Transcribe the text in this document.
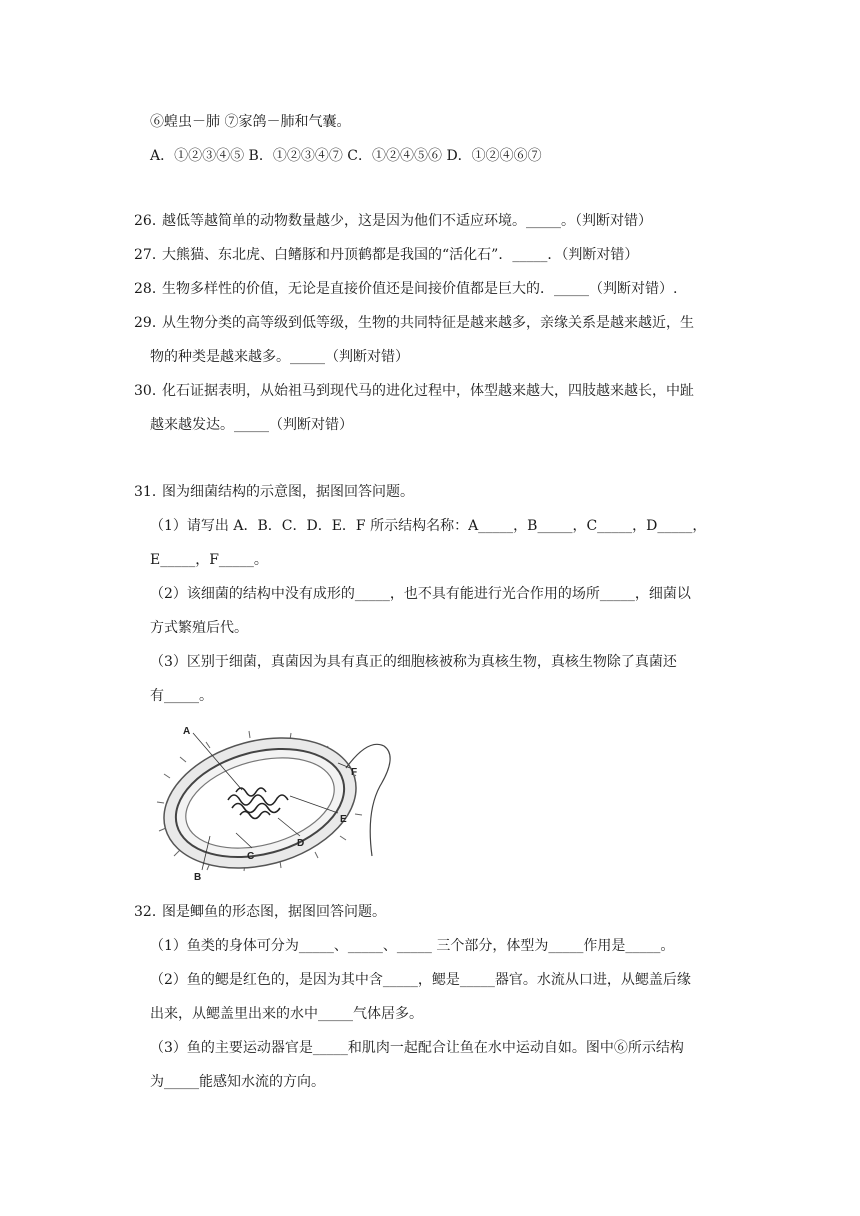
⑥蝗虫－肺 ⑦家鸽－肺和气囊。
A．①②③④⑤ B．①②③④⑦ C．①②④⑤⑥ D．①②④⑥⑦
26．
越低等越简单的动物数量越少，这是因为他们不适应环境。_____。（判断对错）
27．
大熊猫、东北虎、白鳍豚和丹顶鹤都是我国的“活化石”．_____．（判断对错）
28．
生物多样性的价值，无论是直接价值还是间接价值都是巨大的．_____（判断对错）.
29．
从生物分类的高等级到低等级，生物的共同特征是越来越多，亲缘关系是越来越近，生
物的种类是越来越多。_____（判断对错）
30．
化石证据表明，从始祖马到现代马的进化过程中，体型越来越大，四肢越来越长，中趾
越来越发达。_____（判断对错）
31．
图为细菌结构的示意图，据图回答问题。
（1）请写出 A．B．C．D．E．F 所示结构名称：A_____，B_____，C_____，D_____，
E_____，F_____。
（2）该细菌的结构中没有成形的_____，也不具有能进行光合作用的场所_____，细菌以
方式繁殖后代。
（3）区别于细菌，真菌因为具有真正的细胞核被称为真核生物，真核生物除了真菌还
有_____。
A
B
C
D
E
F
32．
图是鲫鱼的形态图，据图回答问题。
（1）鱼类的身体可分为_____、_____、_____ 三个部分，体型为_____作用是_____。
（2）鱼的鳃是红色的，是因为其中含_____，鳃是_____器官。水流从口进，从鳃盖后缘
出来，从鳃盖里出来的水中_____气体居多。
（3）鱼的主要运动器官是_____和肌肉一起配合让鱼在水中运动自如。图中⑥所示结构
为_____能感知水流的方向。
